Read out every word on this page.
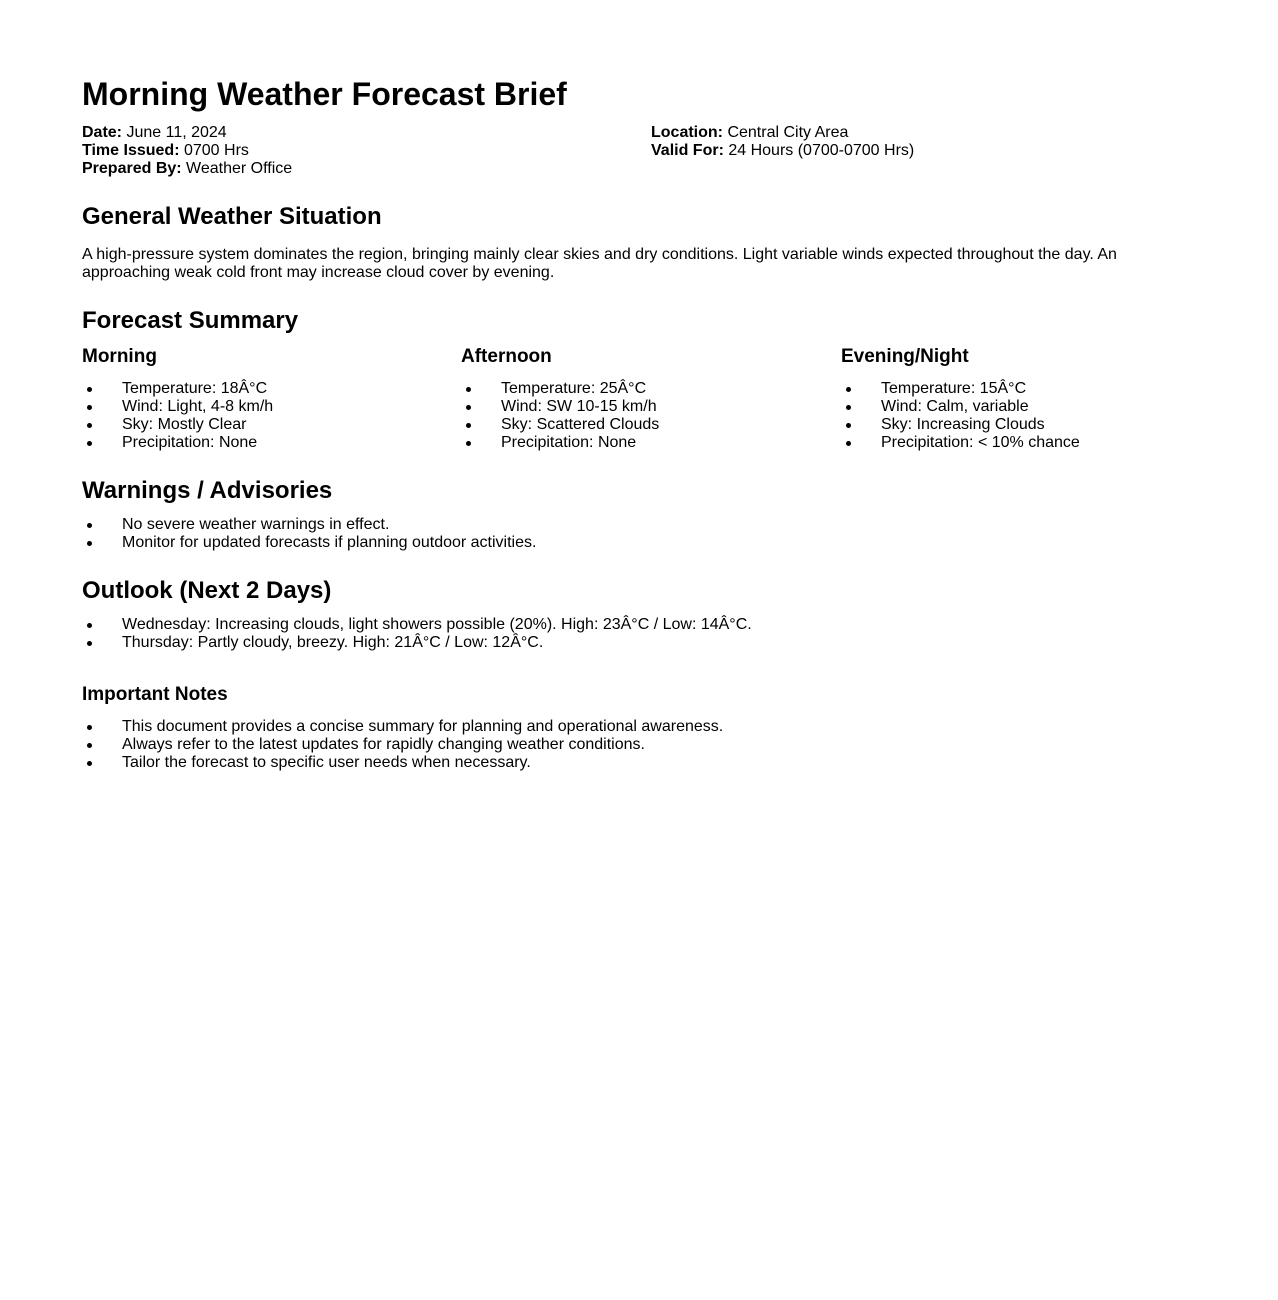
Morning Weather Forecast Brief
Date: June 11, 2024
Time Issued: 0700 Hrs
Prepared By: Weather Office
Location: Central City Area
Valid For: 24 Hours (0700-0700 Hrs)
General Weather Situation

A high-pressure system dominates the region, bringing mainly clear skies and dry conditions. Light variable winds expected throughout the day. An approaching weak cold front may increase cloud cover by evening.

Forecast Summary
Morning
Temperature: 18Â°C
Wind: Light, 4-8 km/h
Sky: Mostly Clear
Precipitation: None
Afternoon
Temperature: 25Â°C
Wind: SW 10-15 km/h
Sky: Scattered Clouds
Precipitation: None
Evening/Night
Temperature: 15Â°C
Wind: Calm, variable
Sky: Increasing Clouds
Precipitation: < 10% chance
Warnings / Advisories
No severe weather warnings in effect.
Monitor for updated forecasts if planning outdoor activities.
Outlook (Next 2 Days)
Wednesday: Increasing clouds, light showers possible (20%). High: 23Â°C / Low: 14Â°C.
Thursday: Partly cloudy, breezy. High: 21Â°C / Low: 12Â°C.
Important Notes
This document provides a concise summary for planning and operational awareness.
Always refer to the latest updates for rapidly changing weather conditions.
Tailor the forecast to specific user needs when necessary.
